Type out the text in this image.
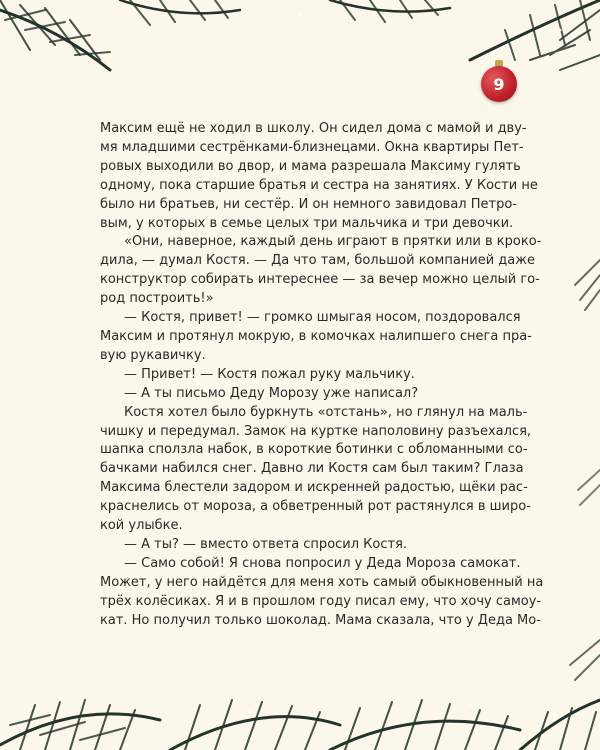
9
Максим ещё не ходил в школу. Он сидел дома с мамой и дву-
мя младшими сестрёнками-близнецами. Окна квартиры Пет-
ровых выходили во двор, и мама разрешала Максиму гулять
одному, пока старшие братья и сестра на занятиях. У Кости не
было ни братьев, ни сестёр. И он немного завидовал Петро-
вым, у которых в семье целых три мальчика и три девочки.
«Они, наверное, каждый день играют в прятки или в кроко-
дила, — думал Костя. — Да что там, большой компанией даже
конструктор собирать интереснее — за вечер можно целый го-
род построить!»
— Костя, привет! — громко шмыгая носом, поздоровался
Максим и протянул мокрую, в комочках налипшего снега пра-
вую рукавичку.
— Привет! — Костя пожал руку мальчику.
— А ты письмо Деду Морозу уже написал?
Костя хотел было буркнуть «отстань», но глянул на маль-
чишку и передумал. Замок на куртке наполовину разъехался,
шапка сползла набок, в короткие ботинки с обломанными со-
бачками набился снег. Давно ли Костя сам был таким? Глаза
Максима блестели задором и искренней радостью, щёки рас-
краснелись от мороза, а обветренный рот растянулся в широ-
кой улыбке.
— А ты? — вместо ответа спросил Костя.
— Само собой! Я снова попросил у Деда Мороза самокат.
Может, у него найдётся для меня хоть самый обыкновенный на
трёх колёсиках. Я и в прошлом году писал ему, что хочу самоу-
кат. Но получил только шоколад. Мама сказала, что у Деда Мо-
